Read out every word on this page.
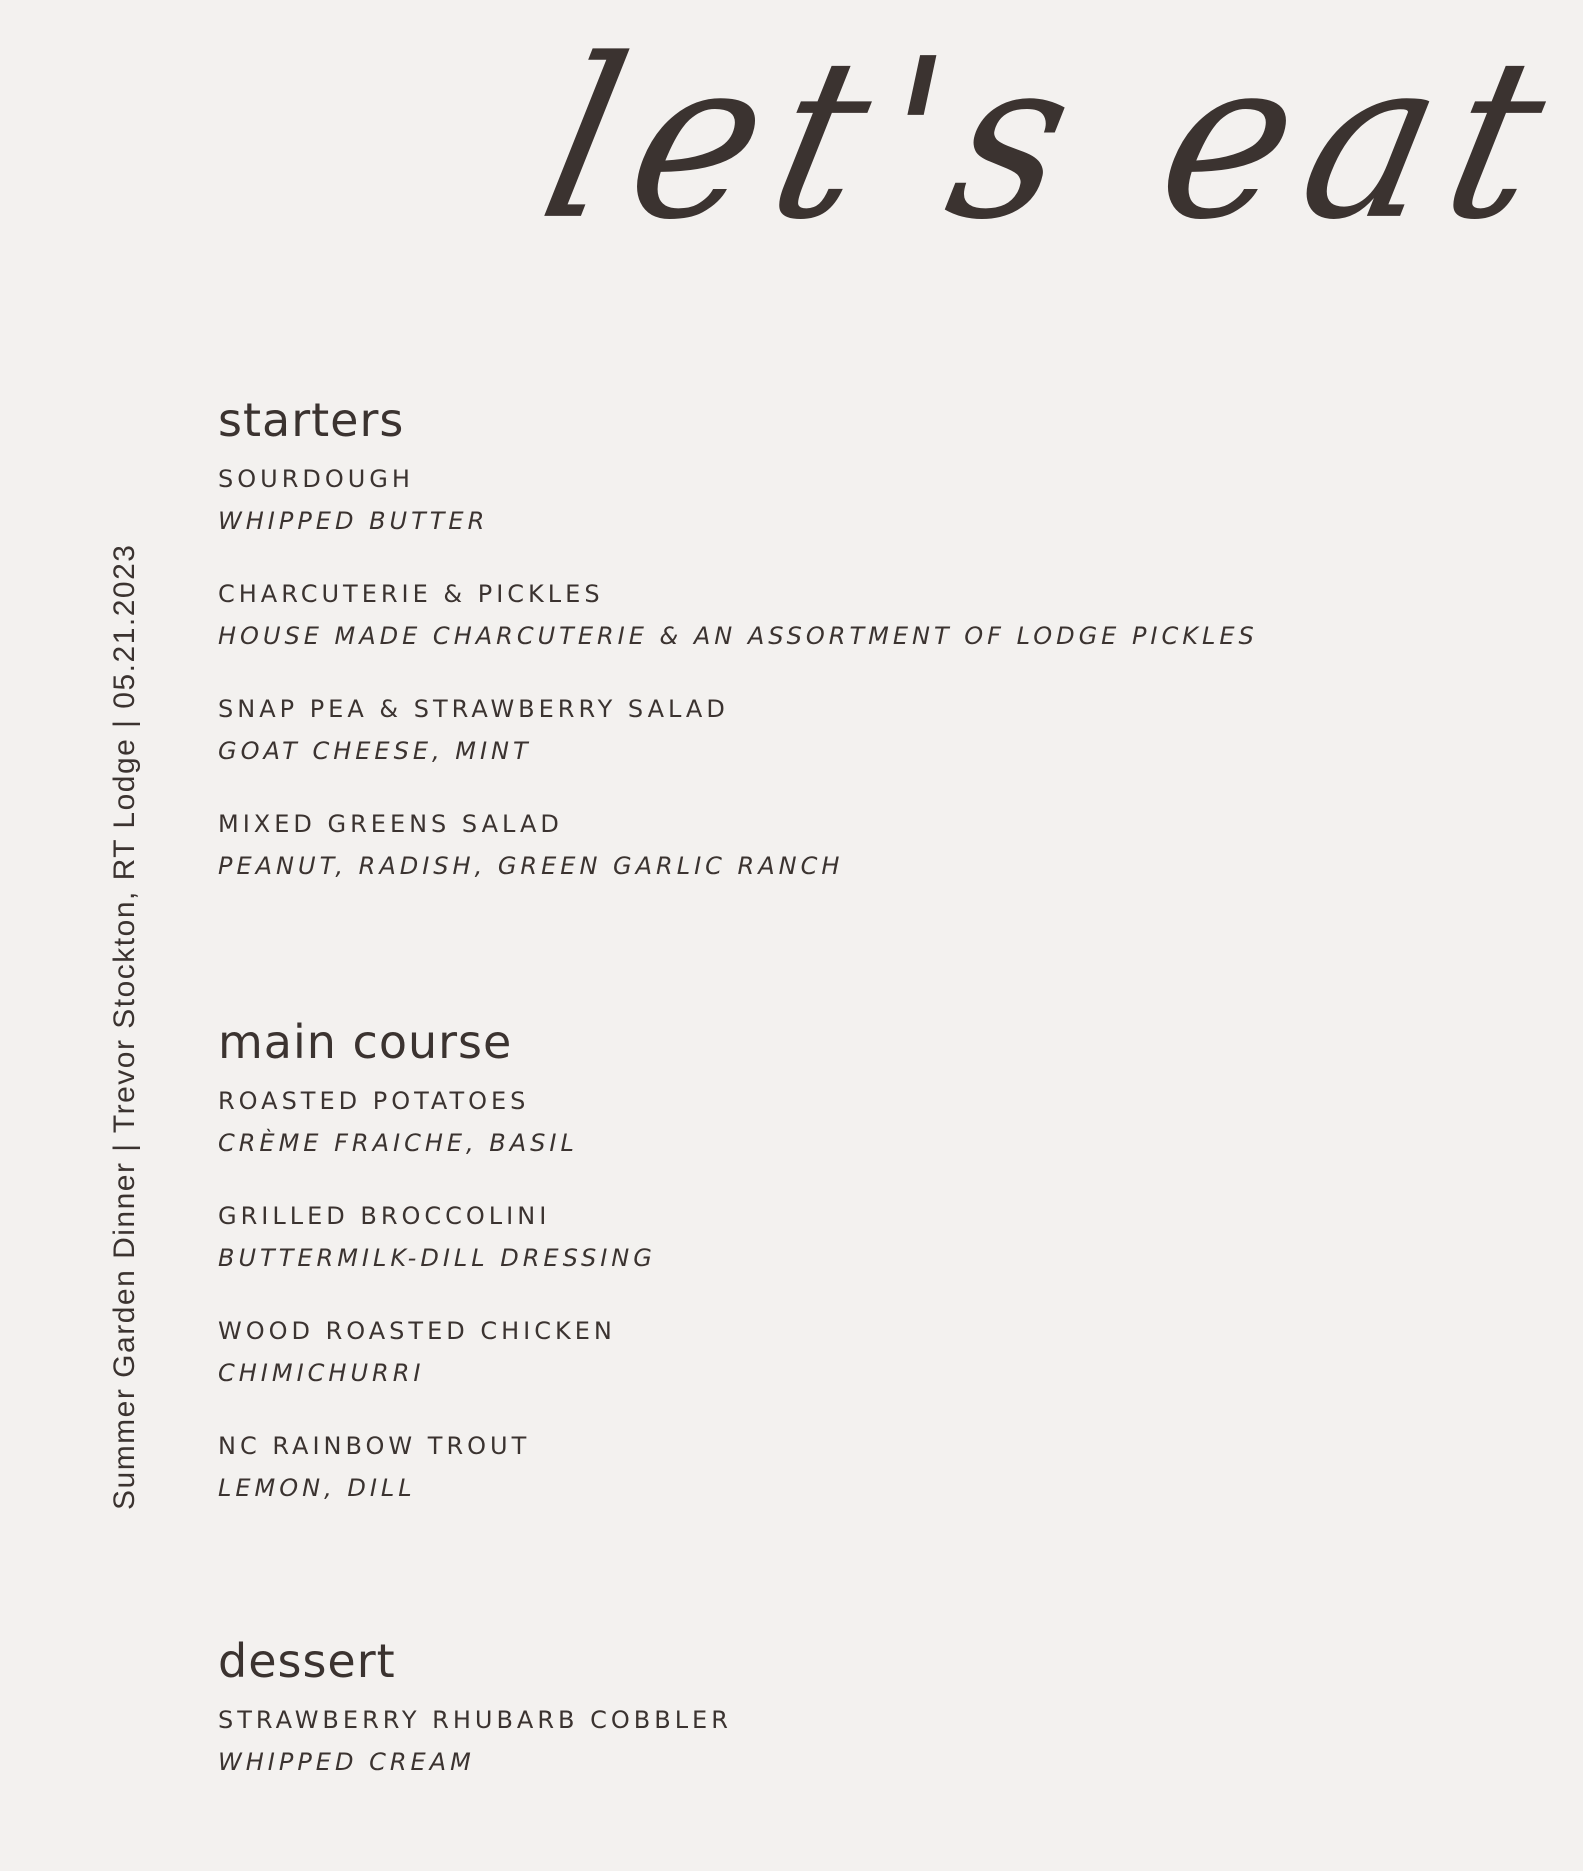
let's eat
Summer Garden Dinner | Trevor Stockton, RT Lodge | 05.21.2023
starters
SOURDOUGH
WHIPPED BUTTER
CHARCUTERIE & PICKLES
HOUSE MADE CHARCUTERIE & AN ASSORTMENT OF LODGE PICKLES
SNAP PEA & STRAWBERRY SALAD
GOAT CHEESE, MINT
MIXED GREENS SALAD
PEANUT, RADISH, GREEN GARLIC RANCH
main course
ROASTED POTATOES
CRÈME FRAICHE, BASIL
GRILLED BROCCOLINI
BUTTERMILK-DILL DRESSING
WOOD ROASTED CHICKEN
CHIMICHURRI
NC RAINBOW TROUT
LEMON, DILL
dessert
STRAWBERRY RHUBARB COBBLER
WHIPPED CREAM
